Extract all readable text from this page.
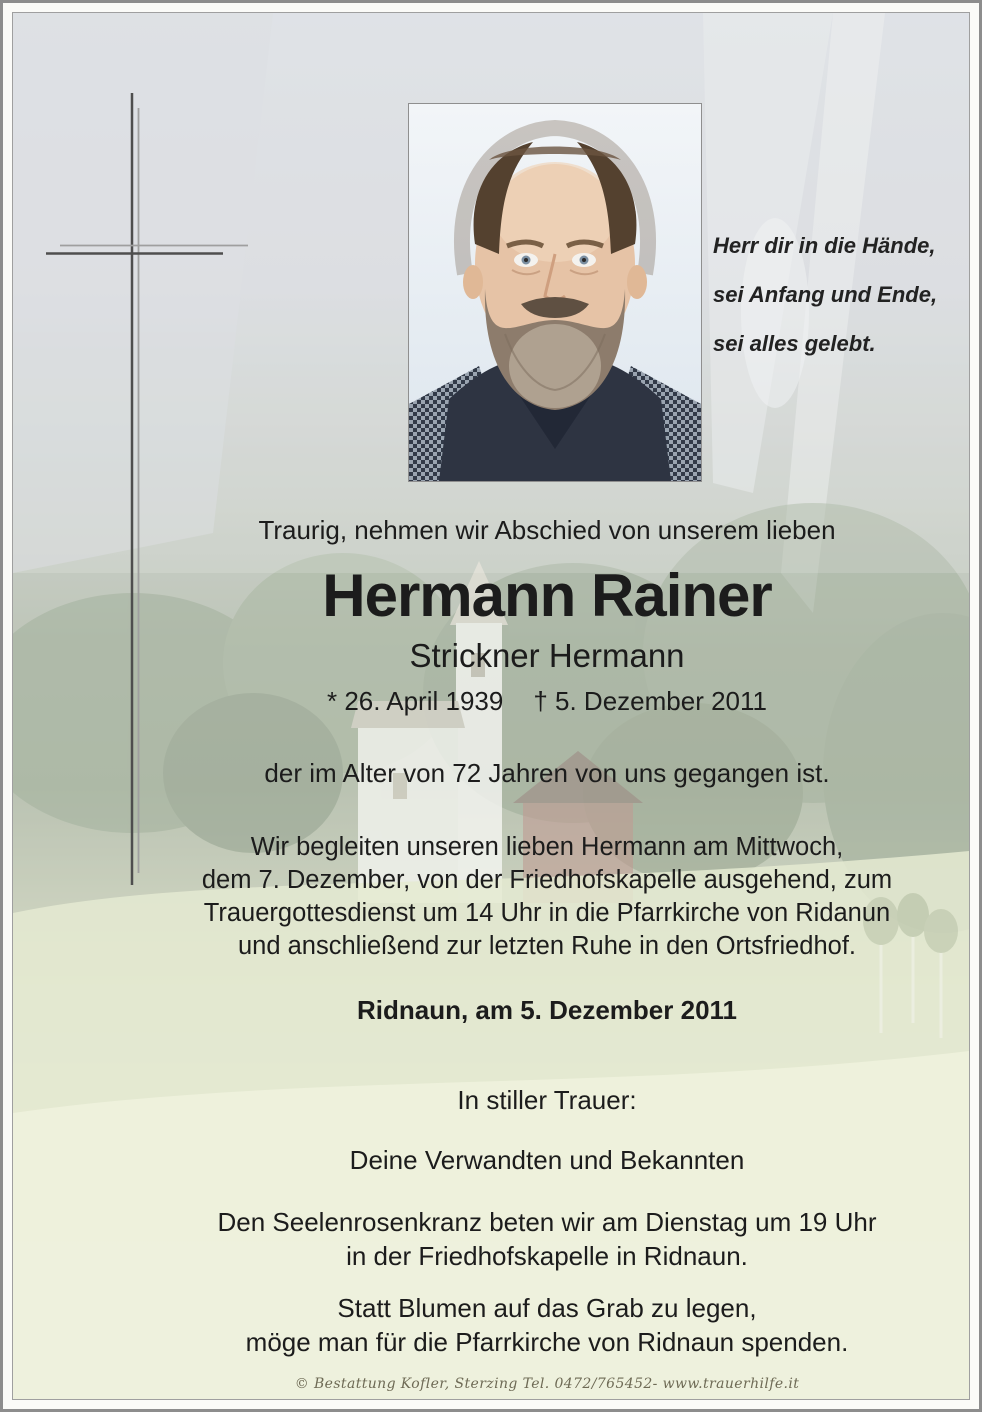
Herr dir in die Hände,
sei Anfang und Ende,
sei alles gelebt.
Traurig, nehmen wir Abschied von unserem lieben
Hermann Rainer
Strickner Hermann
* 26. April 1939 † 5. Dezember 2011
der im Alter von 72 Jahren von uns gegangen ist.
Wir begleiten unseren lieben Hermann am Mittwoch,
dem 7. Dezember, von der Friedhofskapelle ausgehend, zum
Trauergottesdienst um 14 Uhr in die Pfarrkirche von Ridanun
und anschließend zur letzten Ruhe in den Ortsfriedhof.
Ridnaun, am 5. Dezember 2011
In stiller Trauer:
Deine Verwandten und Bekannten
Den Seelenrosenkranz beten wir am Dienstag um 19 Uhr
in der Friedhofskapelle in Ridnaun.
Statt Blumen auf das Grab zu legen,
möge man für die Pfarrkirche von Ridnaun spenden.
© Bestattung Kofler, Sterzing Tel. 0472/765452- www.trauerhilfe.it
